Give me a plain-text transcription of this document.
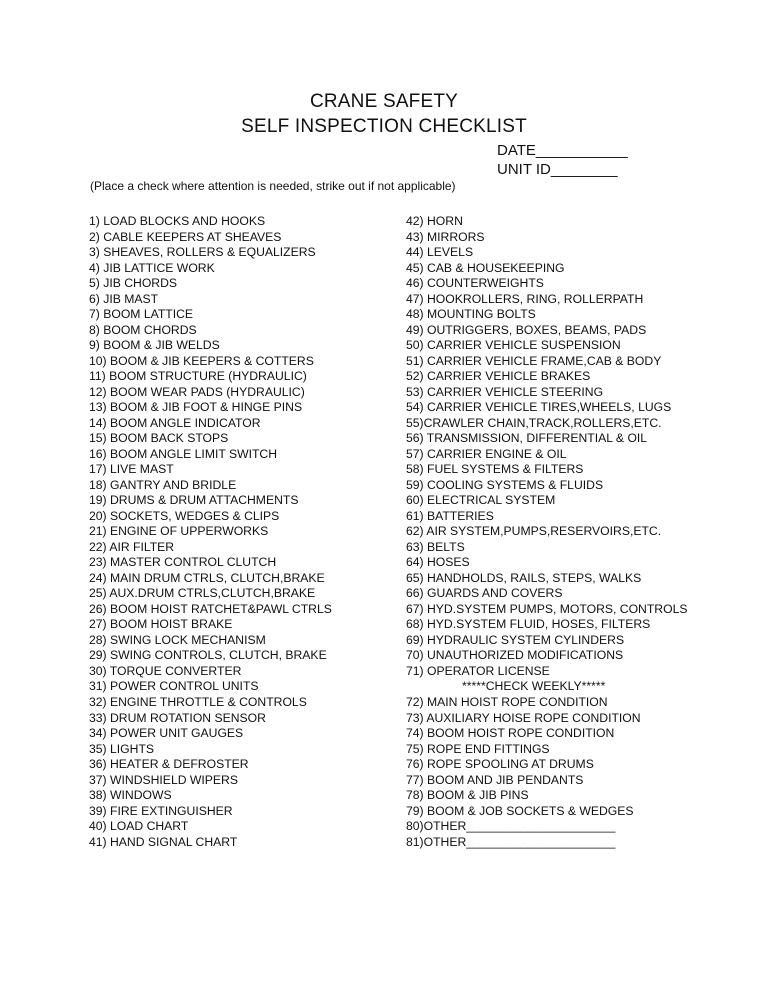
CRANE SAFETY
SELF INSPECTION CHECKLIST
DATE___________
UNIT ID________
(Place a check where attention is needed, strike out if not applicable)
1) LOAD BLOCKS AND HOOKS
2) CABLE KEEPERS AT SHEAVES
3) SHEAVES, ROLLERS & EQUALIZERS
4) JIB LATTICE WORK
5) JIB CHORDS
6) JIB MAST
7) BOOM LATTICE
8) BOOM CHORDS
9) BOOM & JIB WELDS
10) BOOM & JIB KEEPERS & COTTERS
11) BOOM STRUCTURE (HYDRAULIC)
12) BOOM WEAR PADS (HYDRAULIC)
13) BOOM & JIB FOOT & HINGE PINS
14) BOOM ANGLE INDICATOR
15) BOOM BACK STOPS
16) BOOM ANGLE LIMIT SWITCH
17) LIVE MAST
18) GANTRY AND BRIDLE
19) DRUMS & DRUM ATTACHMENTS
20) SOCKETS, WEDGES & CLIPS
21) ENGINE OF UPPERWORKS
22) AIR FILTER
23) MASTER CONTROL CLUTCH
24) MAIN DRUM CTRLS, CLUTCH,BRAKE
25) AUX.DRUM CTRLS,CLUTCH,BRAKE
26) BOOM HOIST RATCHET&PAWL CTRLS
27) BOOM HOIST BRAKE
28) SWING LOCK MECHANISM
29) SWING CONTROLS, CLUTCH, BRAKE
30) TORQUE CONVERTER
31) POWER CONTROL UNITS
32) ENGINE THROTTLE & CONTROLS
33) DRUM ROTATION SENSOR
34) POWER UNIT GAUGES
35) LIGHTS
36) HEATER & DEFROSTER
37) WINDSHIELD WIPERS
38) WINDOWS
39) FIRE EXTINGUISHER
40) LOAD CHART
41) HAND SIGNAL CHART
42) HORN
43) MIRRORS
44) LEVELS
45) CAB & HOUSEKEEPING
46) COUNTERWEIGHTS
47) HOOKROLLERS, RING, ROLLERPATH
48) MOUNTING BOLTS
49) OUTRIGGERS, BOXES, BEAMS, PADS
50) CARRIER VEHICLE SUSPENSION
51) CARRIER VEHICLE FRAME,CAB & BODY
52) CARRIER VEHICLE BRAKES
53) CARRIER VEHICLE STEERING
54) CARRIER VEHICLE TIRES,WHEELS, LUGS
55)CRAWLER CHAIN,TRACK,ROLLERS,ETC.
56) TRANSMISSION, DIFFERENTIAL & OIL
57) CARRIER ENGINE & OIL
58) FUEL SYSTEMS & FILTERS
59) COOLING SYSTEMS & FLUIDS
60) ELECTRICAL SYSTEM
61) BATTERIES
62) AIR SYSTEM,PUMPS,RESERVOIRS,ETC.
63) BELTS
64) HOSES
65) HANDHOLDS, RAILS, STEPS, WALKS
66) GUARDS AND COVERS
67) HYD.SYSTEM PUMPS, MOTORS, CONTROLS
68) HYD.SYSTEM FLUID, HOSES, FILTERS
69) HYDRAULIC SYSTEM CYLINDERS
70) UNAUTHORIZED MODIFICATIONS
71) OPERATOR LICENSE
*****CHECK WEEKLY*****
72) MAIN HOIST ROPE CONDITION
73) AUXILIARY HOISE ROPE CONDITION
74) BOOM HOIST ROPE CONDITION
75) ROPE END FITTINGS
76) ROPE SPOOLING AT DRUMS
77) BOOM AND JIB PENDANTS
78) BOOM & JIB PINS
79) BOOM & JOB SOCKETS & WEDGES
80)OTHER______________________
81)OTHER______________________
